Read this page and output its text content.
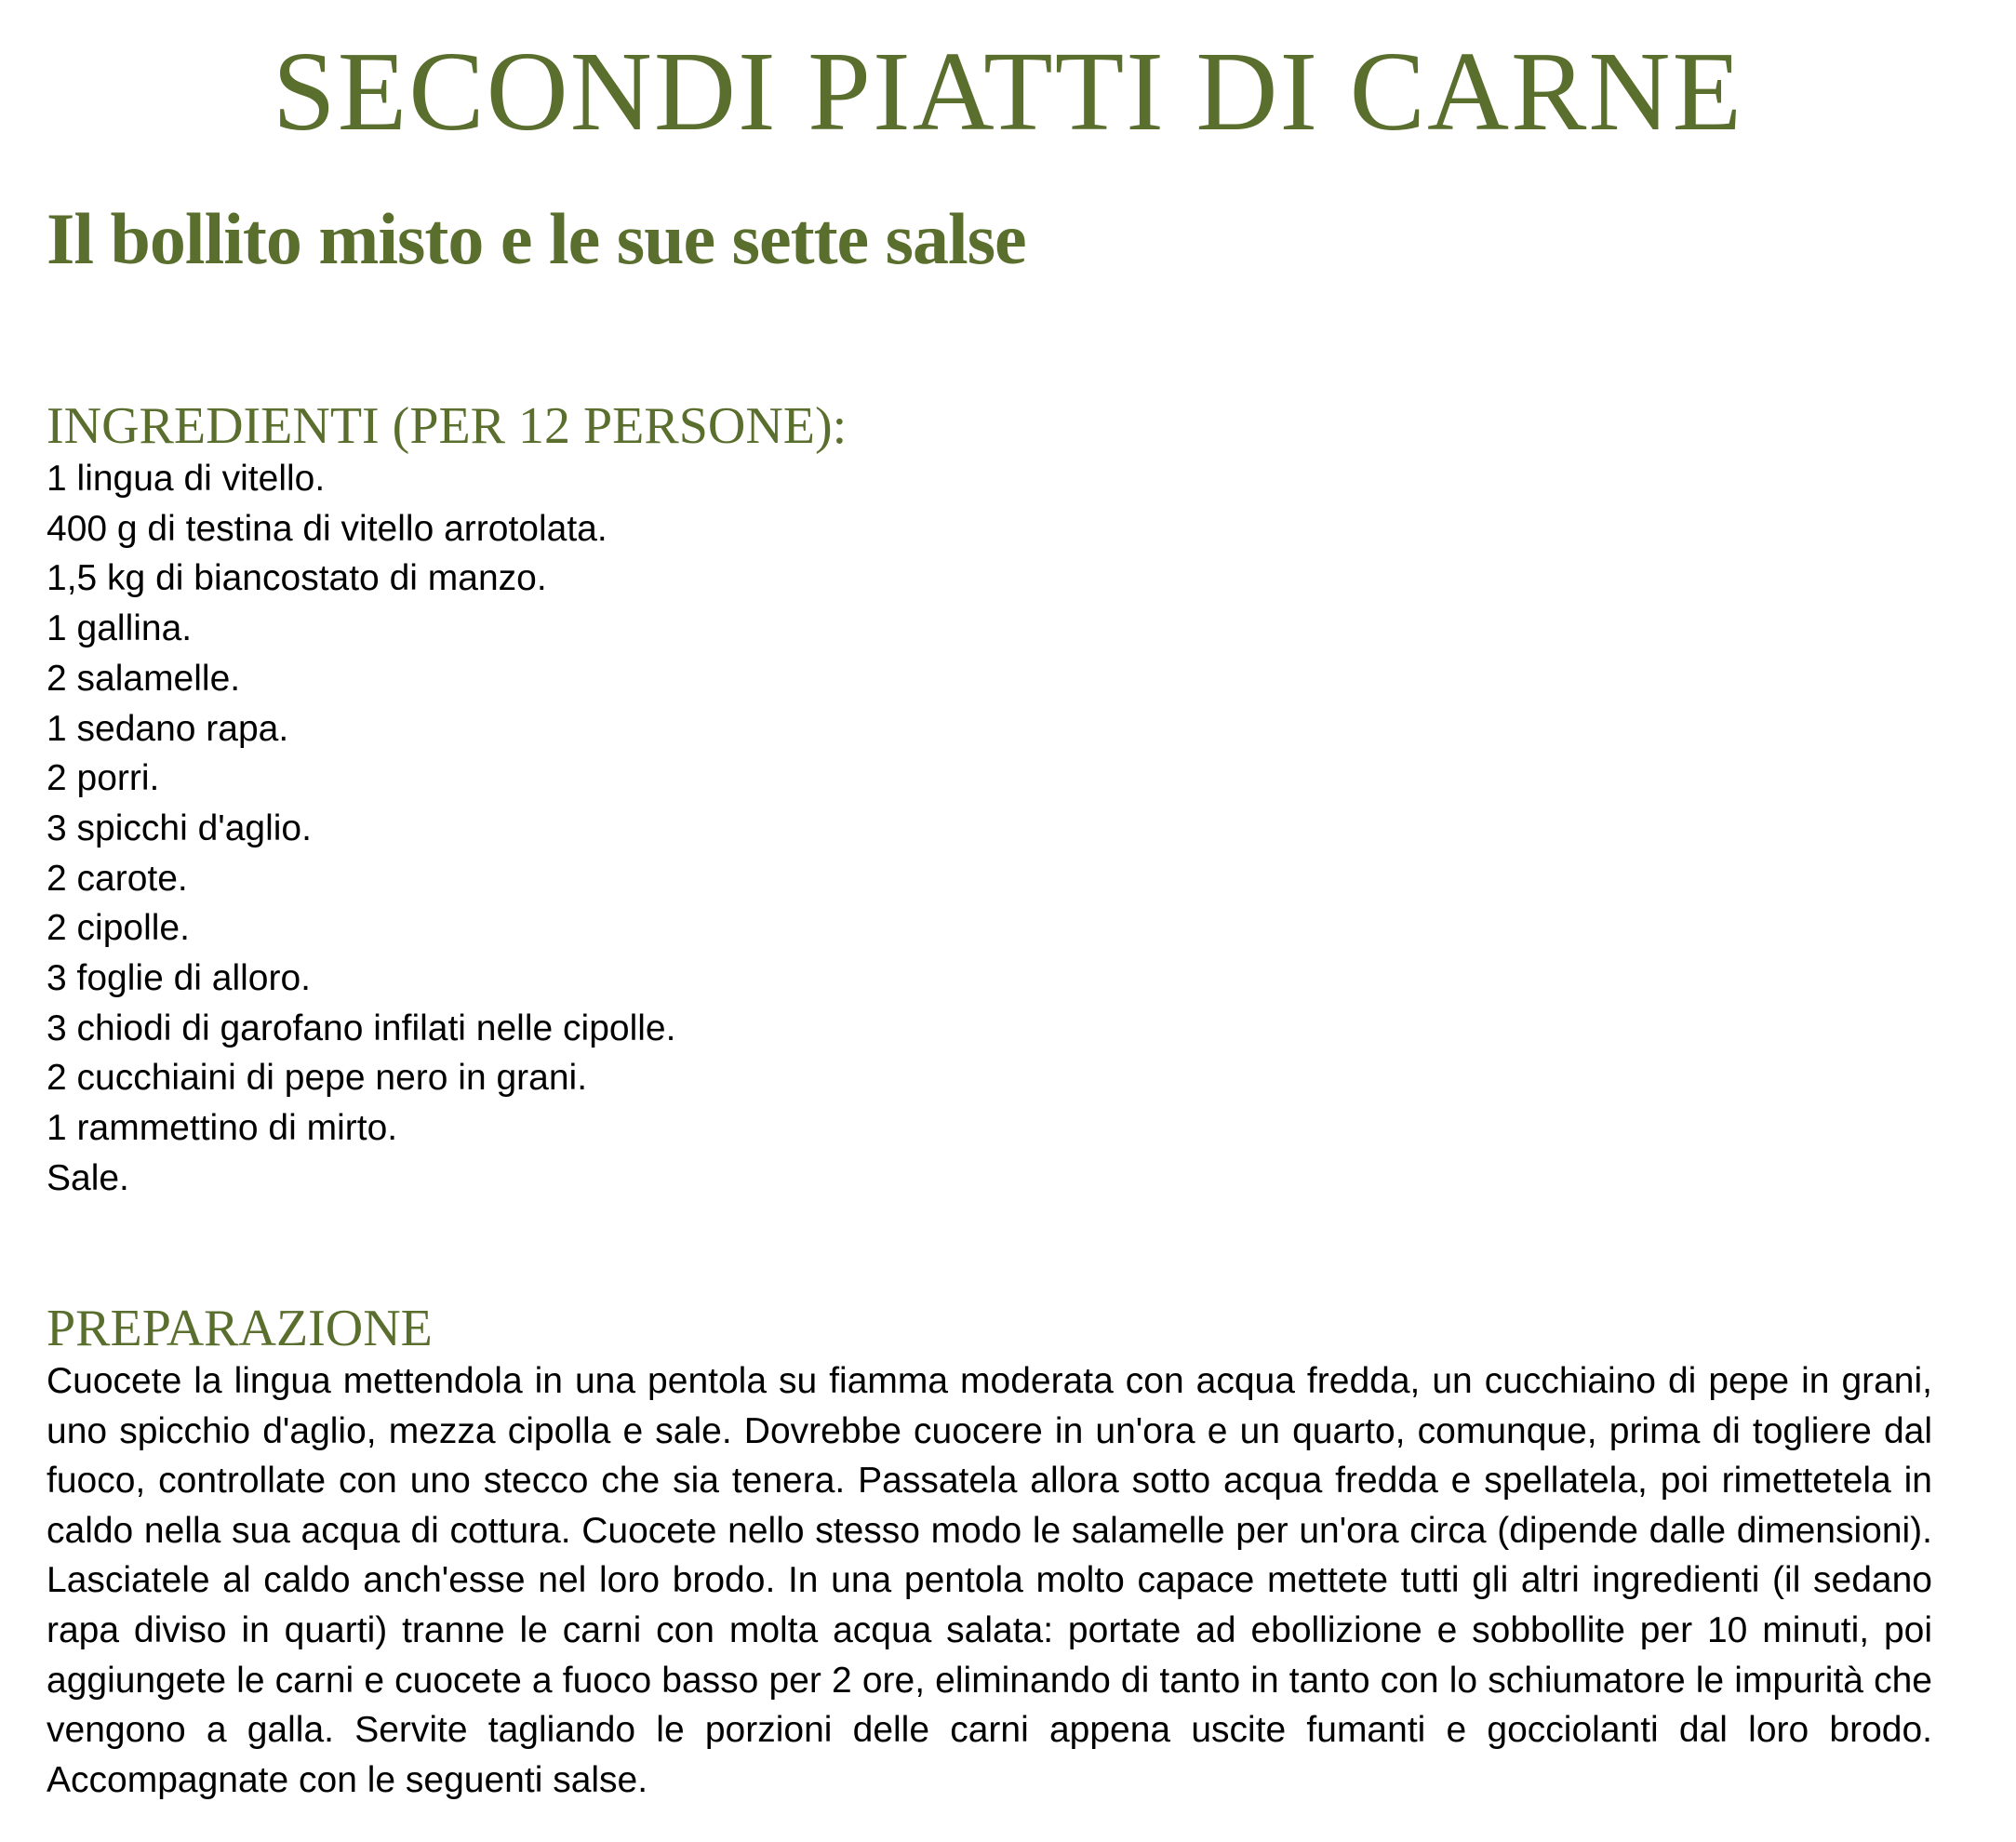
SECONDI PIATTI DI CARNE
Il bollito misto e le sue sette salse
INGREDIENTI (PER 12 PERSONE):
1 lingua di vitello.
400 g di testina di vitello arrotolata.
1,5 kg di biancostato di manzo.
1 gallina.
2 salamelle.
1 sedano rapa.
2 porri.
3 spicchi d'aglio.
2 carote.
2 cipolle.
3 foglie di alloro.
3 chiodi di garofano infilati nelle cipolle.
2 cucchiaini di pepe nero in grani.
1 rammettino di mirto.
Sale.
PREPARAZIONE

Cuocete la lingua mettendola in una pentola su fiamma moderata con acqua fredda, un cucchiaino di pepe in grani, uno spicchio d'aglio, mezza cipolla e sale. Dovrebbe cuocere in un'ora e un quarto, comunque, prima di togliere dal fuoco, controllate con uno stecco che sia tenera. Passatela allora sotto acqua fredda e spellatela, poi rimettetela in caldo nella sua acqua di cottura. Cuocete nello stesso modo le salamelle per un'ora circa (dipende dalle dimensioni). Lasciatele al caldo anch'esse nel loro brodo. In una pentola molto capace mettete tutti gli altri ingredienti (il sedano rapa diviso in quarti) tranne le carni con molta acqua salata: portate ad ebollizione e sobbollite per 10 minuti, poi aggiungete le carni e cuocete a fuoco basso per 2 ore, eliminando di tanto in tanto con lo schiumatore le impurità che vengono a galla. Servite tagliando le porzioni delle carni appena uscite fumanti e gocciolanti dal loro brodo. Accompagnate con le seguenti salse.
